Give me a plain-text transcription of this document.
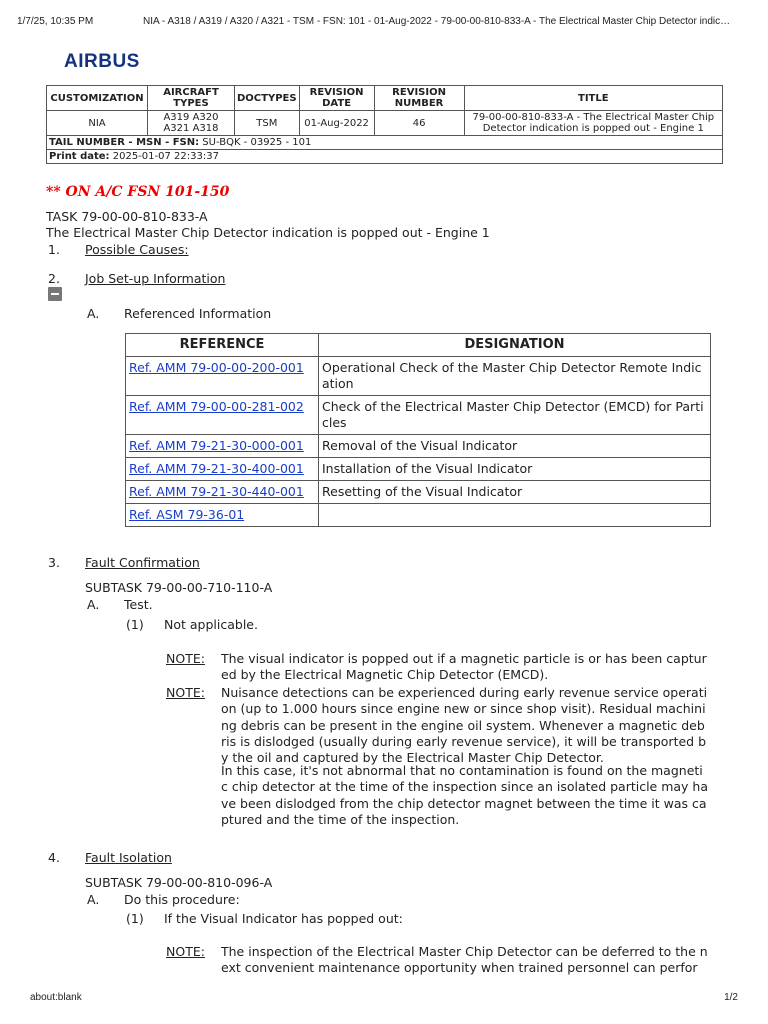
1/7/25, 10:35 PM	NIA - A318 / A319 / A320 / A321 - TSM - FSN: 101 - 01-Aug-2022 - 79-00-00-810-833-A - The Electrical Master Chip Detector indic…
AIRBUS
CUSTOMIZATION	AIRCRAFT TYPES	DOCTYPES	REVISION DATE	REVISION NUMBER	TITLE
NIA	A319 A320 A321 A318	TSM	01-Aug-2022	46	79-00-00-810-833-A - The Electrical Master Chip Detector indication is popped out - Engine 1
TAIL NUMBER - MSN - FSN: SU-BQK - 03925 - 101					
Print date: 2025-01-07 22:33:37					
** ON A/C FSN 101-150
TASK 79-00-00-810-833-A
The Electrical Master Chip Detector indication is popped out - Engine 1
1. Possible Causes:
2. Job Set-up Information
A. Referenced Information
REFERENCE	DESIGNATION
Ref. AMM 79-00-00-200-001	Operational Check of the Master Chip Detector Remote Indication
Ref. AMM 79-00-00-281-002	Check of the Electrical Master Chip Detector (EMCD) for Particles
Ref. AMM 79-21-30-000-001	Removal of the Visual Indicator
Ref. AMM 79-21-30-400-001	Installation of the Visual Indicator
Ref. AMM 79-21-30-440-001	Resetting of the Visual Indicator
Ref. ASM 79-36-01	
3. Fault Confirmation
SUBTASK 79-00-00-710-110-A
A. Test.
(1) Not applicable.
NOTE: The visual indicator is popped out if a magnetic particle is or has been captured by the Electrical Magnetic Chip Detector (EMCD).
NOTE: Nuisance detections can be experienced during early revenue service operation (up to 1.000 hours since engine new or since shop visit). Residual machining debris can be present in the engine oil system. Whenever a magnetic debris is dislodged (usually during early revenue service), it will be transported by the oil and captured by the Electrical Master Chip Detector.
In this case, it's not abnormal that no contamination is found on the magnetic chip detector at the time of the inspection since an isolated particle may have been dislodged from the chip detector magnet between the time it was captured and the time of the inspection.
4. Fault Isolation
SUBTASK 79-00-00-810-096-A
A. Do this procedure:
(1) If the Visual Indicator has popped out:
NOTE: The inspection of the Electrical Master Chip Detector can be deferred to the next convenient maintenance opportunity when trained personnel can perfor
about:blank	1/2
